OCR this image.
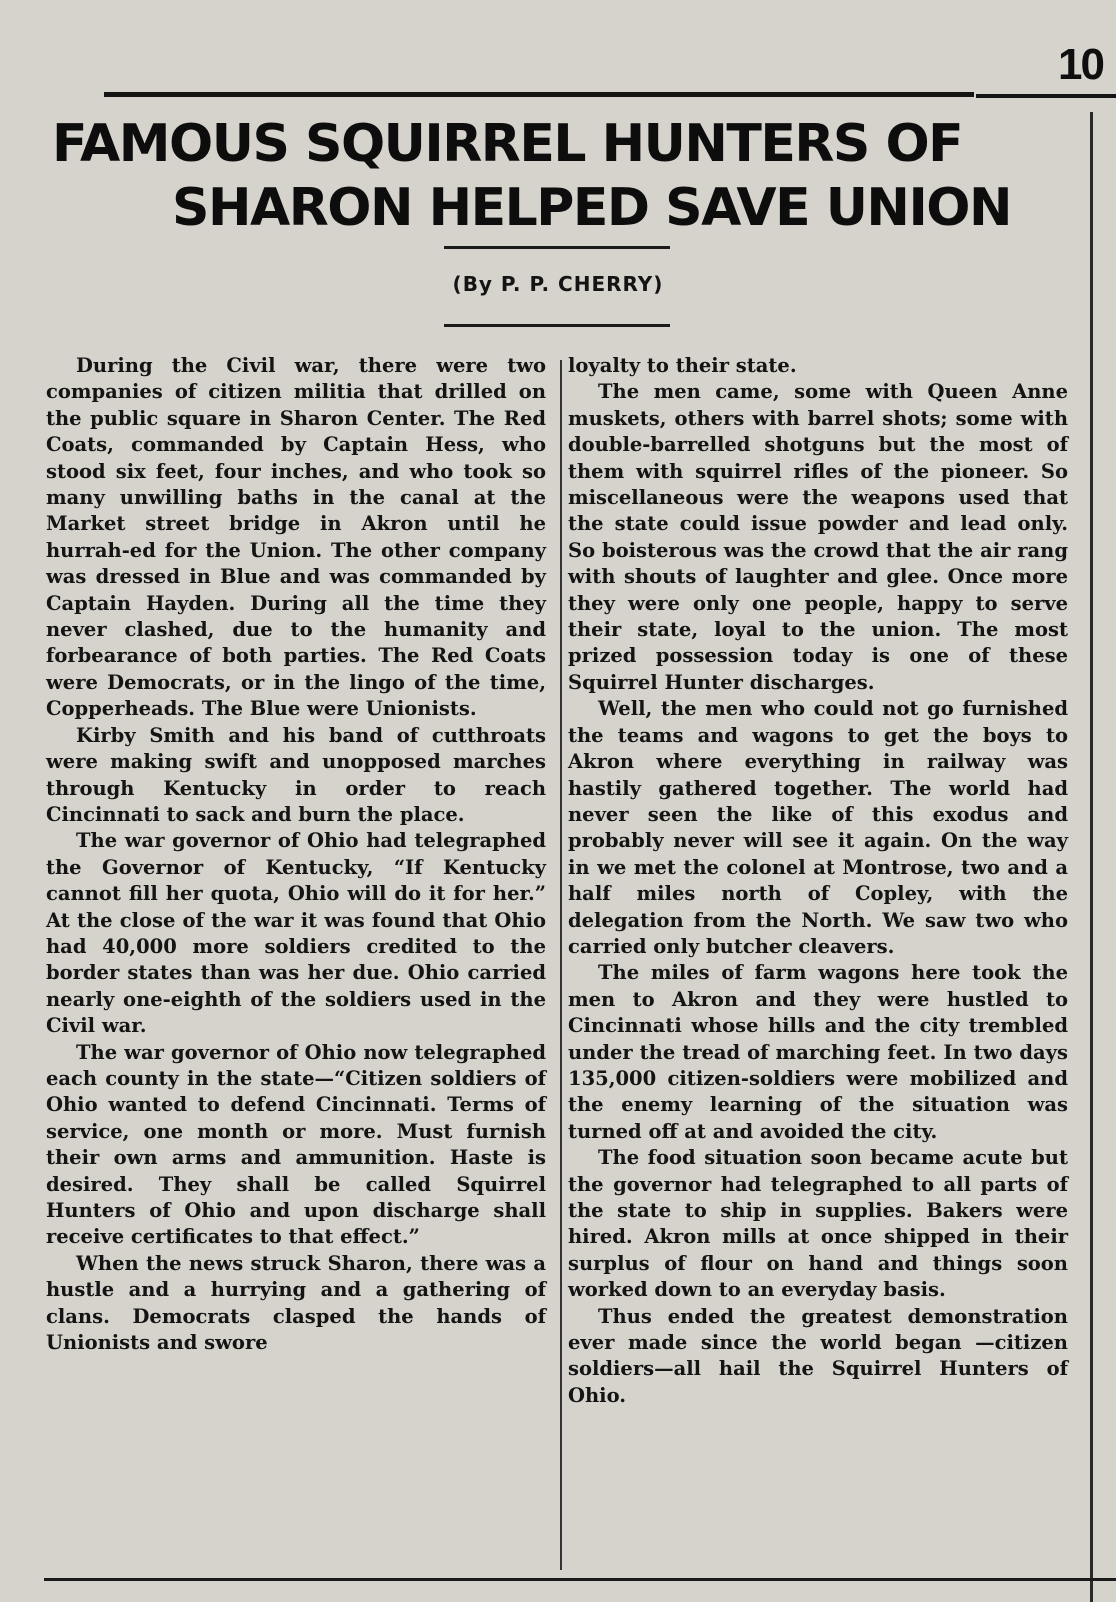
10
FAMOUS SQUIRREL HUNTERS OF
SHARON HELPED SAVE UNION
(By P. P. CHERRY)

During the Civil war, there were two companies of citizen militia that drilled on the public square in Sharon Center. The Red Coats, commanded by Captain Hess, who stood six feet, four inches, and who took so many unwilling baths in the canal at the Market street bridge in Akron until he hurrah-ed for the Union. The other company was dressed in Blue and was commanded by Captain Hayden. During all the time they never clashed, due to the humanity and forbearance of both parties. The Red Coats were Democrats, or in the lingo of the time, Copperheads. The Blue were Unionists.

Kirby Smith and his band of cutthroats were making swift and unopposed marches through Kentucky in order to reach Cincinnati to sack and burn the place.

The war governor of Ohio had telegraphed the Governor of Kentucky, “If Kentucky cannot fill her quota, Ohio will do it for her.” At the close of the war it was found that Ohio had 40,000 more soldiers credited to the border states than was her due. Ohio carried nearly one-eighth of the soldiers used in the Civil war.

The war governor of Ohio now telegraphed each county in the state—“Citizen soldiers of Ohio wanted to defend Cincinnati. Terms of service, one month or more. Must furnish their own arms and ammunition. Haste is desired. They shall be called Squirrel Hunters of Ohio and upon discharge shall receive certificates to that effect.”

When the news struck Sharon, there was a hustle and a hurrying and a gathering of clans. Democrats clasped the hands of Unionists and swore

loyalty to their state.

The men came, some with Queen Anne muskets, others with barrel shots; some with double-barrelled shotguns but the most of them with squirrel rifles of the pioneer. So miscellaneous were the weapons used that the state could issue powder and lead only. So boisterous was the crowd that the air rang with shouts of laughter and glee. Once more they were only one people, happy to serve their state, loyal to the union. The most prized possession today is one of these Squirrel Hunter discharges.

Well, the men who could not go furnished the teams and wagons to get the boys to Akron where everything in railway was hastily gathered together. The world had never seen the like of this exodus and probably never will see it again. On the way in we met the colonel at Montrose, two and a half miles north of Copley, with the delegation from the North. We saw two who carried only butcher cleavers.

The miles of farm wagons here took the men to Akron and they were hustled to Cincinnati whose hills and the city trembled under the tread of marching feet. In two days 135,000 citizen-soldiers were mobilized and the enemy learning of the situation was turned off at and avoided the city.

The food situation soon became acute but the governor had telegraphed to all parts of the state to ship in supplies. Bakers were hired. Akron mills at once shipped in their surplus of flour on hand and things soon worked down to an everyday basis.

Thus ended the greatest demonstration ever made since the world began —citizen soldiers—all hail the Squirrel Hunters of Ohio.
